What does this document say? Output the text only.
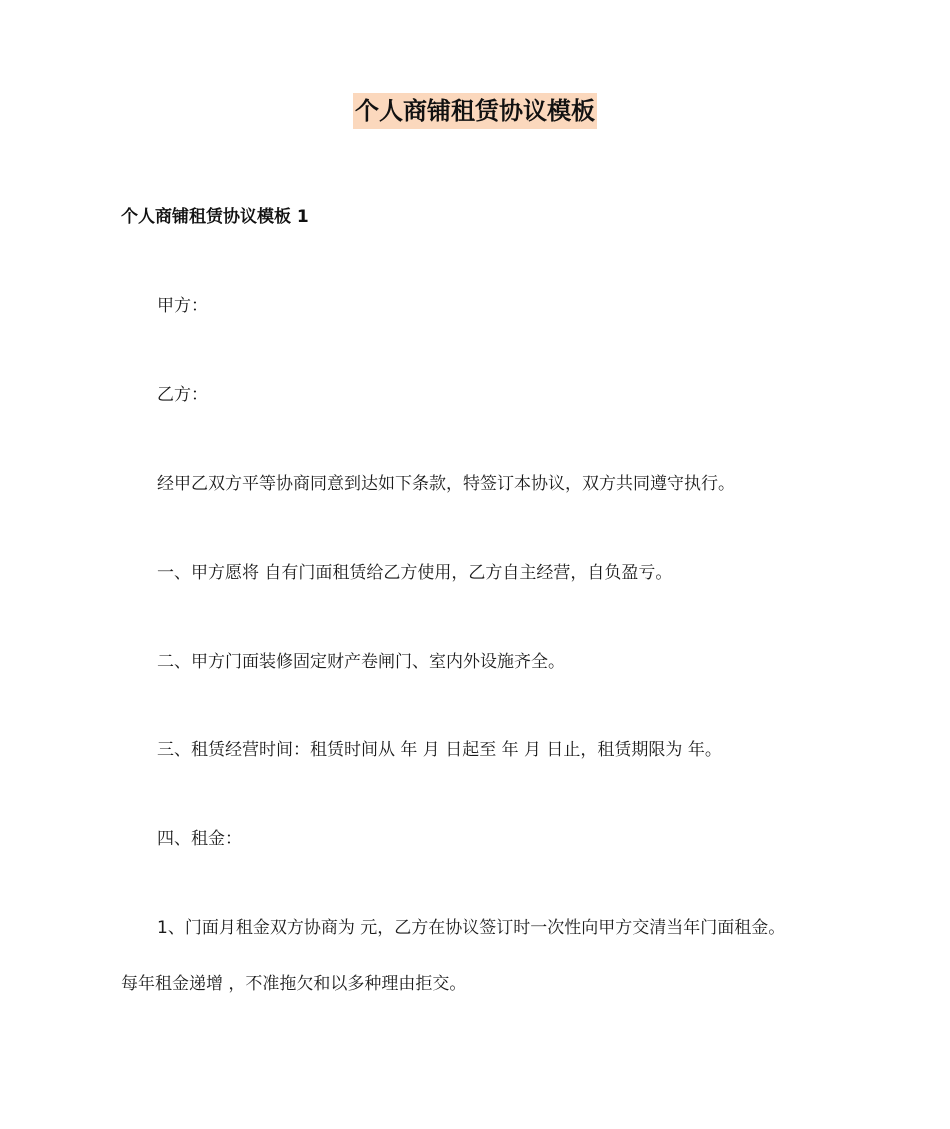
个人商铺租赁协议模板
个人商铺租赁协议模板 1
甲方：
乙方：
经甲乙双方平等协商同意到达如下条款，特签订本协议，双方共同遵守执行。
一、甲方愿将 自有门面租赁给乙方使用，乙方自主经营，自负盈亏。
二、甲方门面装修固定财产卷闸门、室内外设施齐全。
三、租赁经营时间：租赁时间从 年 月 日起至 年 月 日止，租赁期限为 年。
四、租金：
1、门面月租金双方协商为 元，乙方在协议签订时一次性向甲方交清当年门面租金。
每年租金递增 ，不准拖欠和以多种理由拒交。
